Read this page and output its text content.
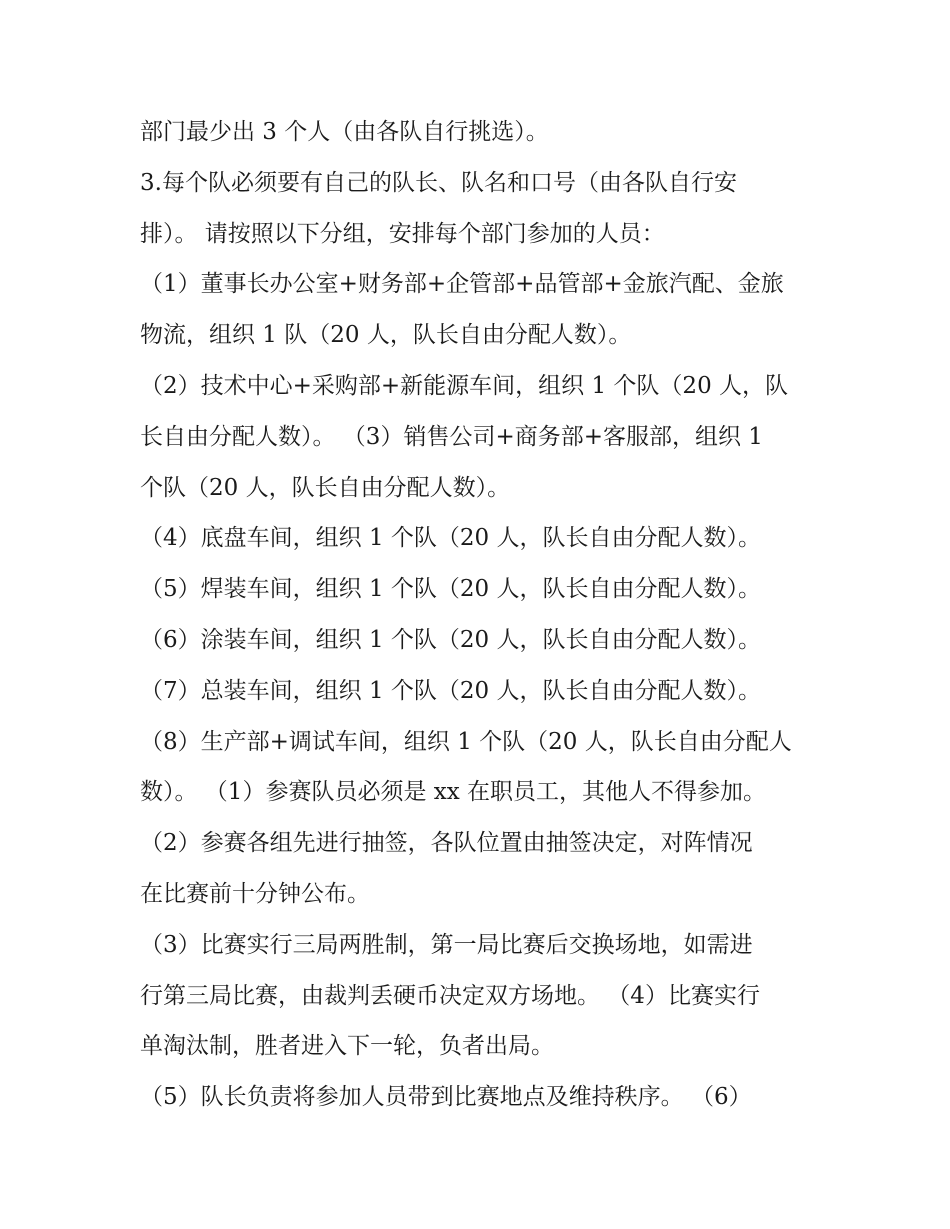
部门最少出 3 个人（由各队自行挑选）。
3.每个队必须要有自己的队长、队名和口号（由各队自行安
排）。 请按照以下分组，安排每个部门参加的人员：
（1）董事长办公室+财务部+企管部+品管部+金旅汽配、金旅
物流，组织 1 队（20 人，队长自由分配人数）。
（2）技术中心+采购部+新能源车间，组织 1 个队（20 人，队
长自由分配人数）。 （3）销售公司+商务部+客服部，组织 1
个队（20 人，队长自由分配人数）。
（4）底盘车间，组织 1 个队（20 人，队长自由分配人数）。
（5）焊装车间，组织 1 个队（20 人，队长自由分配人数）。
（6）涂装车间，组织 1 个队（20 人，队长自由分配人数）。
（7）总装车间，组织 1 个队（20 人，队长自由分配人数）。
（8）生产部+调试车间，组织 1 个队（20 人，队长自由分配人
数）。 （1）参赛队员必须是 xx 在职员工，其他人不得参加。
（2）参赛各组先进行抽签，各队位置由抽签决定，对阵情况
在比赛前十分钟公布。
（3）比赛实行三局两胜制，第一局比赛后交换场地，如需进
行第三局比赛，由裁判丢硬币决定双方场地。 （4）比赛实行
单淘汰制，胜者进入下一轮，负者出局。
（5）队长负责将参加人员带到比赛地点及维持秩序。 （6）
